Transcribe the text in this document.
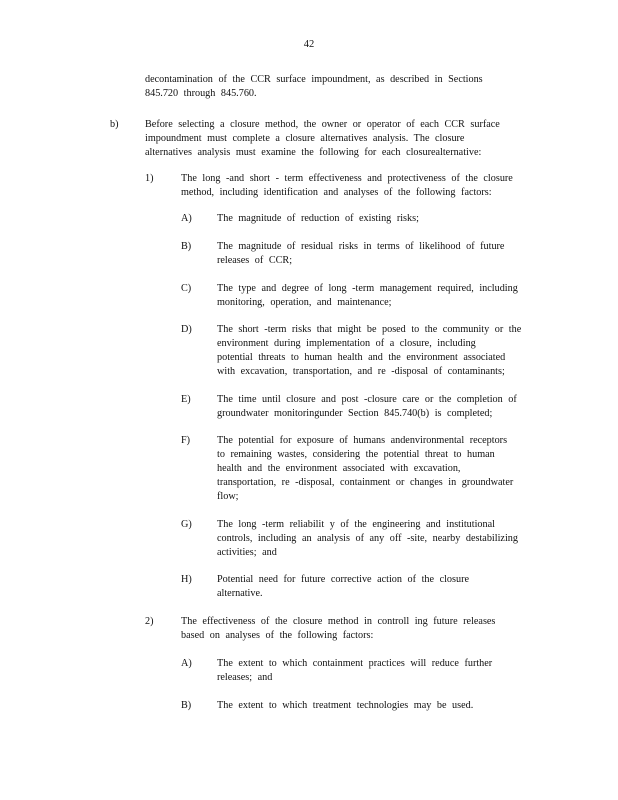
42
decontamination of the CCR surface impoundment, as described in Sections
845.720 through 845.760.
b)	Before selecting a closure method, the owner or operator of each CCR surface
impoundment must complete a closure alternatives analysis. The closure
alternatives analysis must examine the following for each closurealternative:
1)	The long -and short - term effectiveness and protectiveness of the closure
method, including identification and analyses of the following factors:
A) The magnitude of reduction of existing risks;
B)	The magnitude of residual risks in terms of likelihood of future
releases of CCR;
C)	The type and degree of long -term management required, including
monitoring, operation, and maintenance;
D) The short -term risks that might be posed to the community or the
environment during implementation of a closure, including
potential threats to human health and the environment associated
with excavation, transportation, and re -disposal of contaminants;
E)	The time until closure and post -closure care or the completion of
groundwater monitoringunder Section 845.740(b) is completed;
F)	The potential for exposure of humans andenvironmental receptors
to remaining wastes, considering the potential threat to human
health and the environment associated with excavation,
transportation, re -disposal, containment or changes in groundwater
flow;
G) The long -term reliabilit y of the engineering and institutional
controls, including an analysis of any off -site, nearby destabilizing
activities; and
H) Potential need for future corrective action of the closure
alternative.
2)	The effectiveness of the closure method in controll ing future releases
based on analyses of the following factors:
A) The extent to which containment practices will reduce further
releases; and
B)	The extent to which treatment technologies may be used.
